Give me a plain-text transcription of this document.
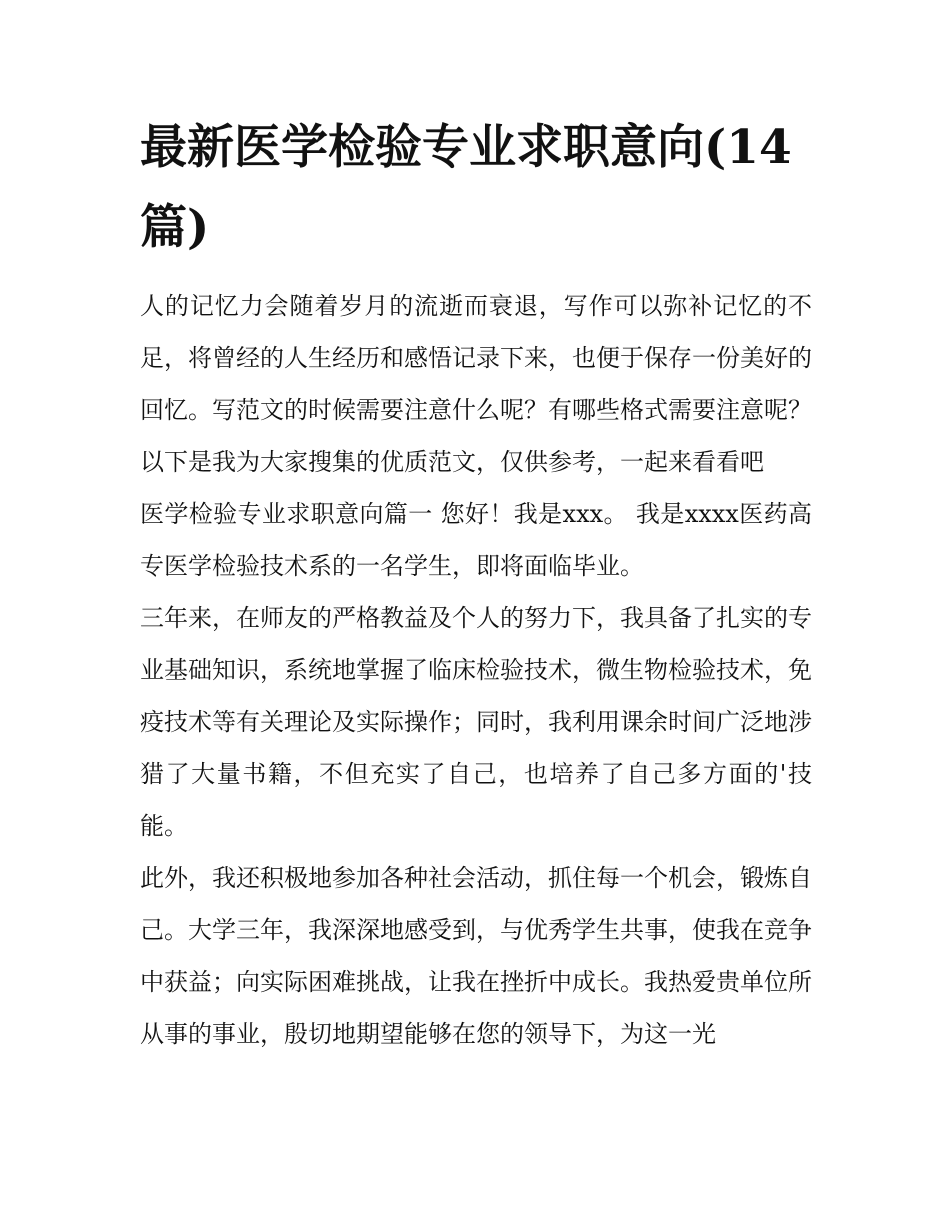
最新医学检验专业求职意向(14篇)

人的记忆力会随着岁月的流逝而衰退，写作可以弥补记忆的不足，将曾经的人生经历和感悟记录下来，也便于保存一份美好的回忆。写范文的时候需要注意什么呢？有哪些格式需要注意呢？以下是我为大家搜集的优质范文，仅供参考，一起来看看吧

医学检验专业求职意向篇一 您好！我是xxx。 我是xxxx医药高专医学检验技术系的一名学生，即将面临毕业。

三年来，在师友的严格教益及个人的努力下，我具备了扎实的专业基础知识，系统地掌握了临床检验技术，微生物检验技术，免疫技术等有关理论及实际操作；同时，我利用课余时间广泛地涉猎了大量书籍，不但充实了自己，也培养了自己多方面的'技能。

此外，我还积极地参加各种社会活动，抓住每一个机会，锻炼自己。大学三年，我深深地感受到，与优秀学生共事，使我在竞争中获益；向实际困难挑战，让我在挫折中成长。我热爱贵单位所从事的事业，殷切地期望能够在您的领导下，为这一光
